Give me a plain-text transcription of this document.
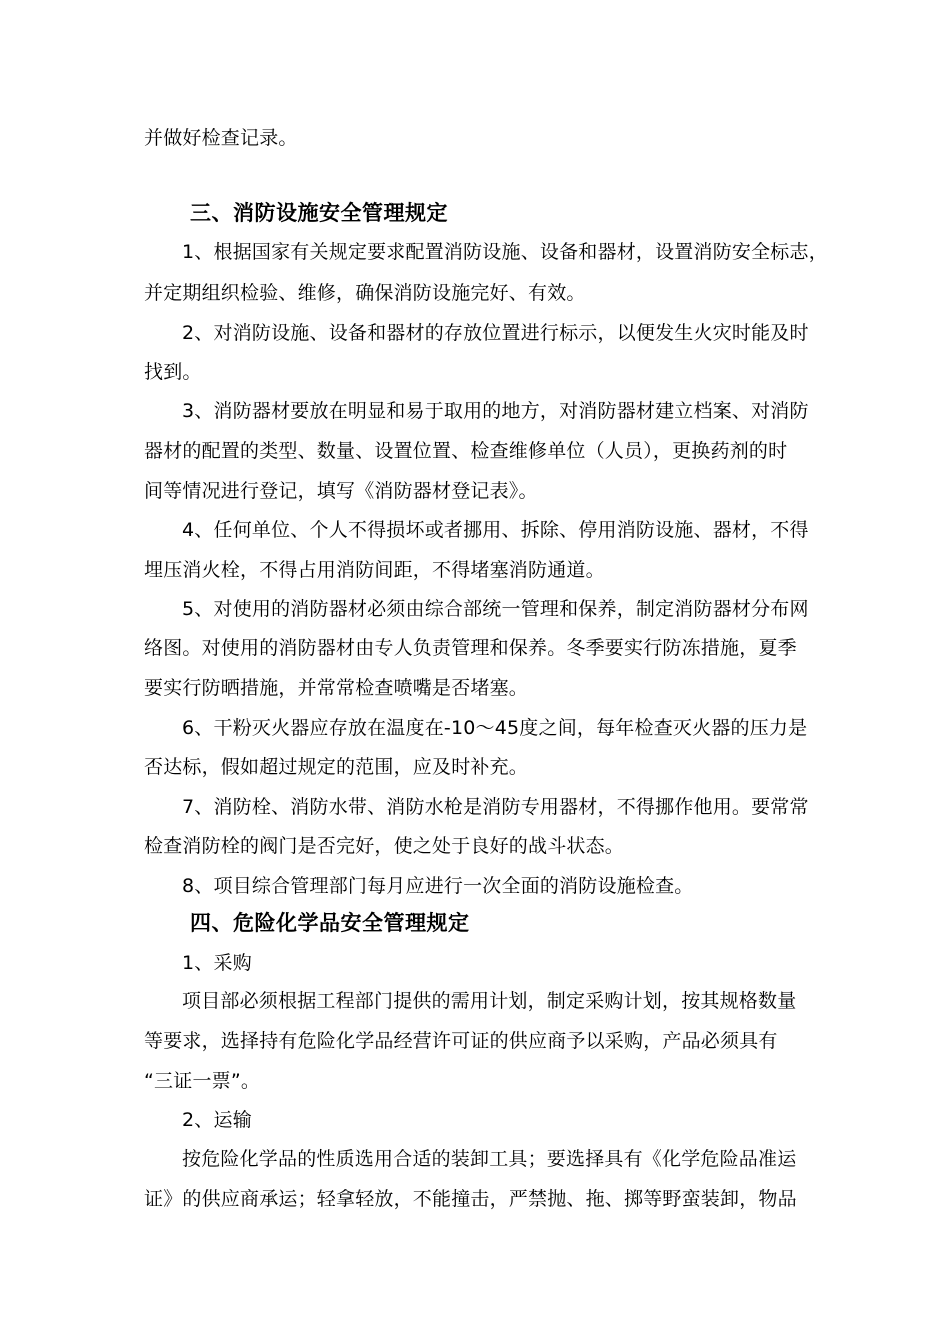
并做好检查记录。
三、消防设施安全管理规定
1、根据国家有关规定要求配置消防设施、设备和器材，设置消防安全标志，
并定期组织检验、维修，确保消防设施完好、有效。
2、对消防设施、设备和器材的存放位置进行标示，以便发生火灾时能及时
找到。
3、消防器材要放在明显和易于取用的地方，对消防器材建立档案、对消防
器材的配置的类型、数量、设置位置、检查维修单位（人员），更换药剂的时
间等情况进行登记，填写《消防器材登记表》。
4、任何单位、个人不得损坏或者挪用、拆除、停用消防设施、器材，不得
埋压消火栓，不得占用消防间距，不得堵塞消防通道。
5、对使用的消防器材必须由综合部统一管理和保养，制定消防器材分布网
络图。对使用的消防器材由专人负责管理和保养。冬季要实行防冻措施，夏季
要实行防晒措施，并常常检查喷嘴是否堵塞。
6、干粉灭火器应存放在温度在-10～45度之间，每年检查灭火器的压力是
否达标，假如超过规定的范围，应及时补充。
7、消防栓、消防水带、消防水枪是消防专用器材，不得挪作他用。要常常
检查消防栓的阀门是否完好，使之处于良好的战斗状态。
8、项目综合管理部门每月应进行一次全面的消防设施检查。
四、危险化学品安全管理规定
1、采购
项目部必须根据工程部门提供的需用计划，制定采购计划，按其规格数量
等要求，选择持有危险化学品经营许可证的供应商予以采购，产品必须具有
“三证一票”。
2、运输
按危险化学品的性质选用合适的装卸工具；要选择具有《化学危险品准运
证》的供应商承运；轻拿轻放，不能撞击，严禁抛、拖、掷等野蛮装卸，物品
